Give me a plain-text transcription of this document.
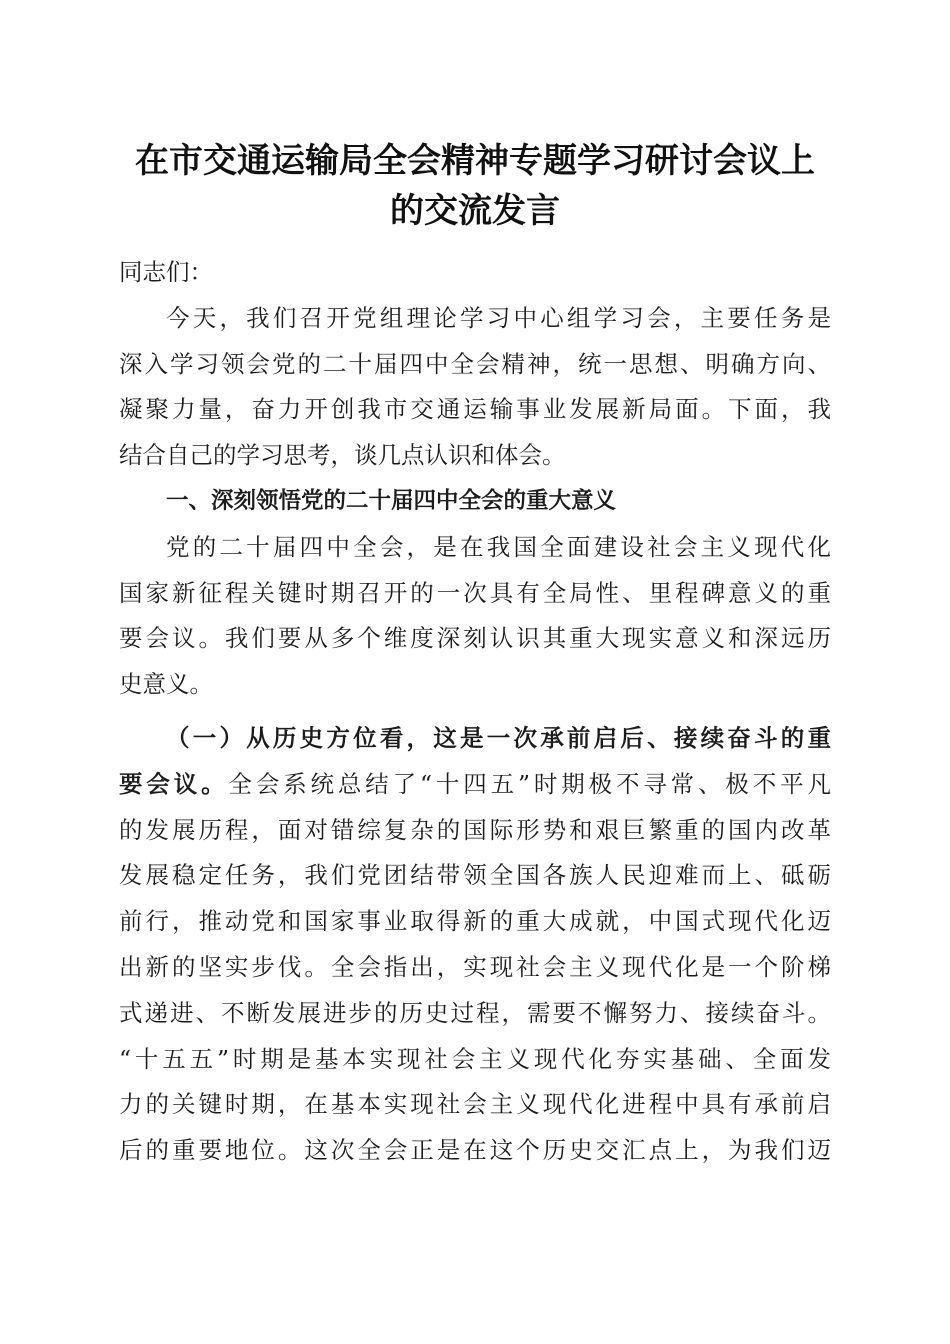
在市交通运输局全会精神专题学习研讨会议上
的交流发言
同志们：
今天，我们召开党组理论学习中心组学习会，主要任务是
深入学习领会党的二十届四中全会精神，统一思想、明确方向、
凝聚力量，奋力开创我市交通运输事业发展新局面。下面，我
结合自己的学习思考，谈几点认识和体会。
一、深刻领悟党的二十届四中全会的重大意义
党的二十届四中全会，是在我国全面建设社会主义现代化
国家新征程关键时期召开的一次具有全局性、里程碑意义的重
要会议。我们要从多个维度深刻认识其重大现实意义和深远历
史意义。
（一）从历史方位看，这是一次承前启后、接续奋斗的重
要会议。全会系统总结了“十四五”时期极不寻常、极不平凡
的发展历程，面对错综复杂的国际形势和艰巨繁重的国内改革
发展稳定任务，我们党团结带领全国各族人民迎难而上、砥砺
前行，推动党和国家事业取得新的重大成就，中国式现代化迈
出新的坚实步伐。全会指出，实现社会主义现代化是一个阶梯
式递进、不断发展进步的历史过程，需要不懈努力、接续奋斗。
“十五五”时期是基本实现社会主义现代化夯实基础、全面发
力的关键时期，在基本实现社会主义现代化进程中具有承前启
后的重要地位。这次全会正是在这个历史交汇点上，为我们迈
